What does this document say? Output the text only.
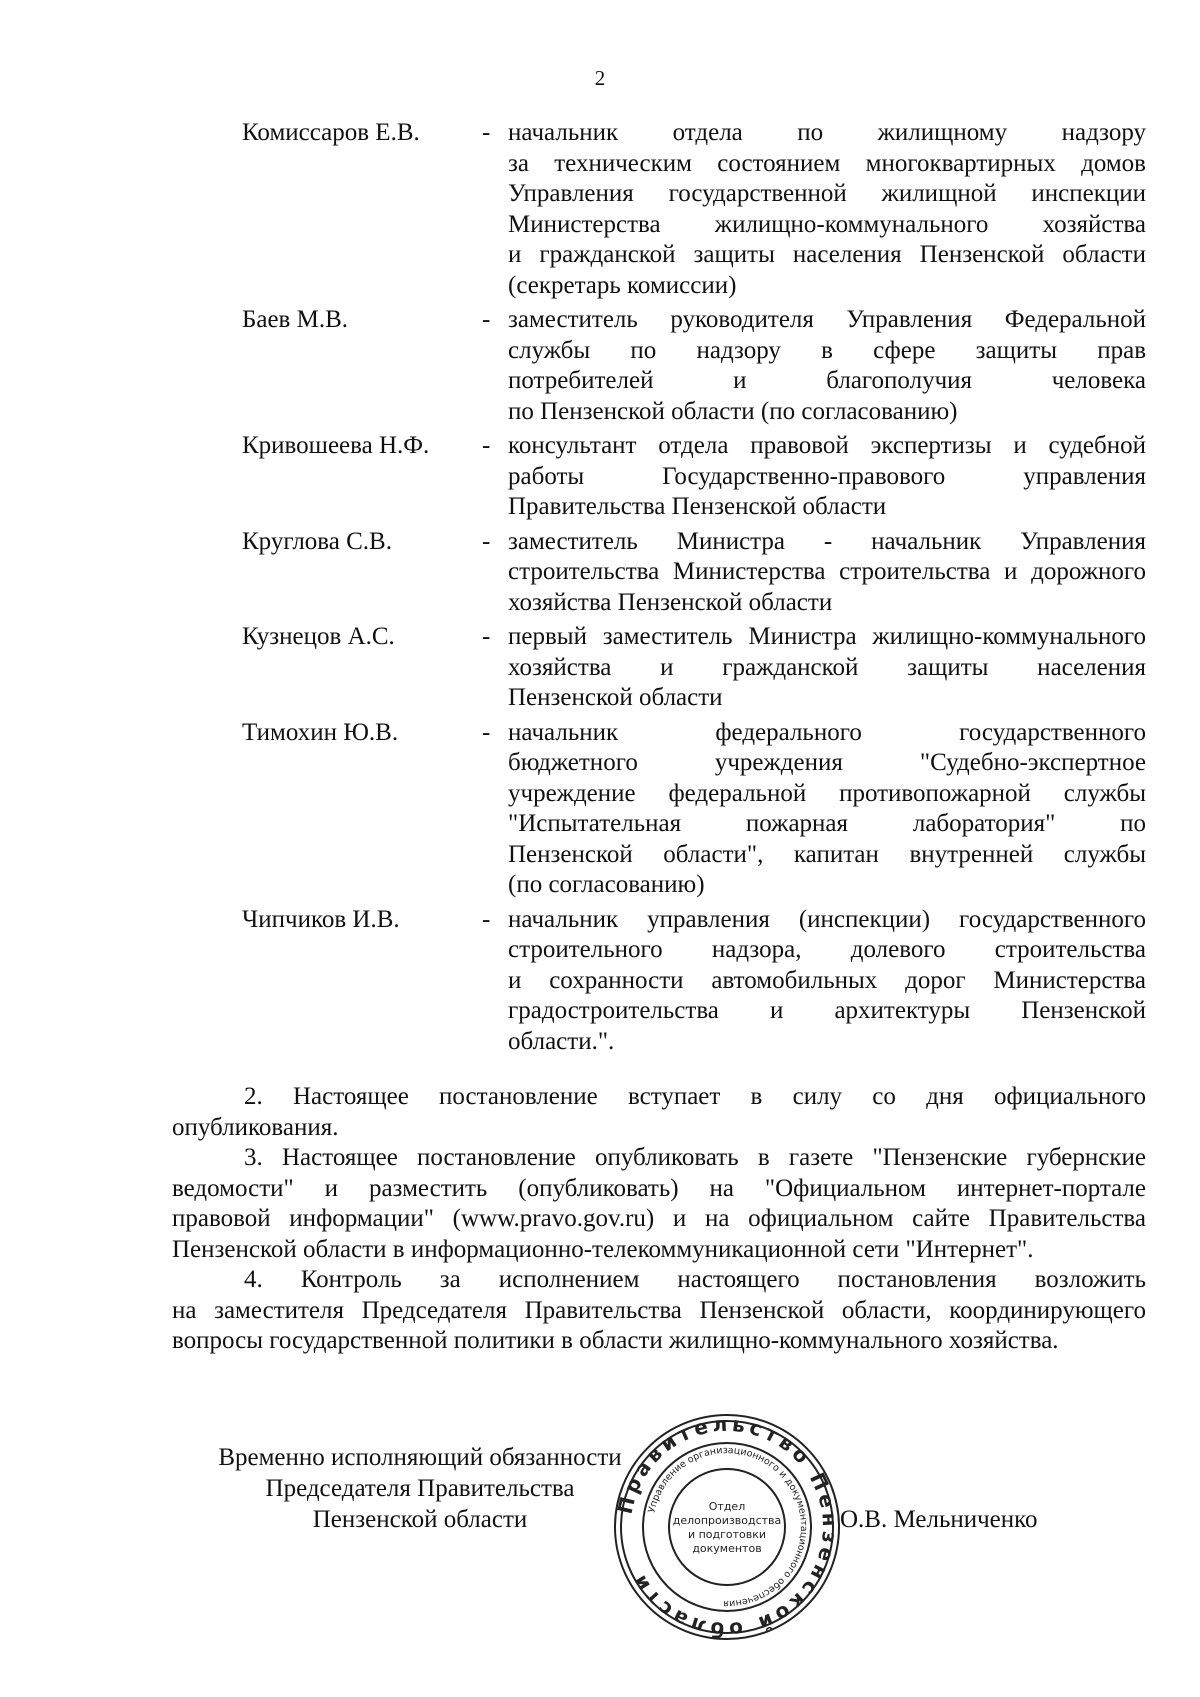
2
Комиссаров Е.В.	- начальник отдела по жилищному надзору
за техническим состоянием многоквартирных домов
Управления государственной жилищной инспекции
Министерства жилищно-коммунального хозяйства
и гражданской защиты населения Пензенской области
(секретарь комиссии)
Баев М.В.	- заместитель руководителя Управления Федеральной
службы по надзору в сфере защиты прав
потребителей и благополучия человека
по Пензенской области (по согласованию)
Кривошеева Н.Ф.	- консультант отдела правовой экспертизы и судебной
работы Государственно-правового управления
Правительства Пензенской области
Круглова С.В.	- заместитель Министра - начальник Управления
строительства Министерства строительства и дорожного
хозяйства Пензенской области
Кузнецов А.С.	- первый заместитель Министра жилищно-коммунального
хозяйства и гражданской защиты населения
Пензенской области
Тимохин Ю.В.	- начальник федерального государственного
бюджетного учреждения "Судебно-экспертное
учреждение федеральной противопожарной службы
"Испытательная пожарная лаборатория" по
Пензенской области", капитан внутренней службы
(по согласованию)
Чипчиков И.В.	- начальник управления (инспекции) государственного
строительного надзора, долевого строительства
и сохранности автомобильных дорог Министерства
градостроительства и архитектуры Пензенской
области.".
2. Настоящее постановление вступает в силу со дня официального
опубликования.
3. Настоящее постановление опубликовать в газете "Пензенские губернские
ведомости" и разместить (опубликовать) на "Официальном интернет-портале
правовой информации" (www.pravo.gov.ru) и на официальном сайте Правительства
Пензенской области в информационно-телекоммуникационной сети "Интернет".
4. Контроль за исполнением настоящего постановления возложить
на заместителя Председателя Правительства Пензенской области, координирующего
вопросы государственной политики в области жилищно-коммунального хозяйства.
Временно исполняющий обязанности
Председателя Правительства
Пензенской области
Правительство Пензенской области
Управление организационного и документационного обеспечения
Отдел
делопроизводства
и подготовки
документов
О.В. Мельниченко
